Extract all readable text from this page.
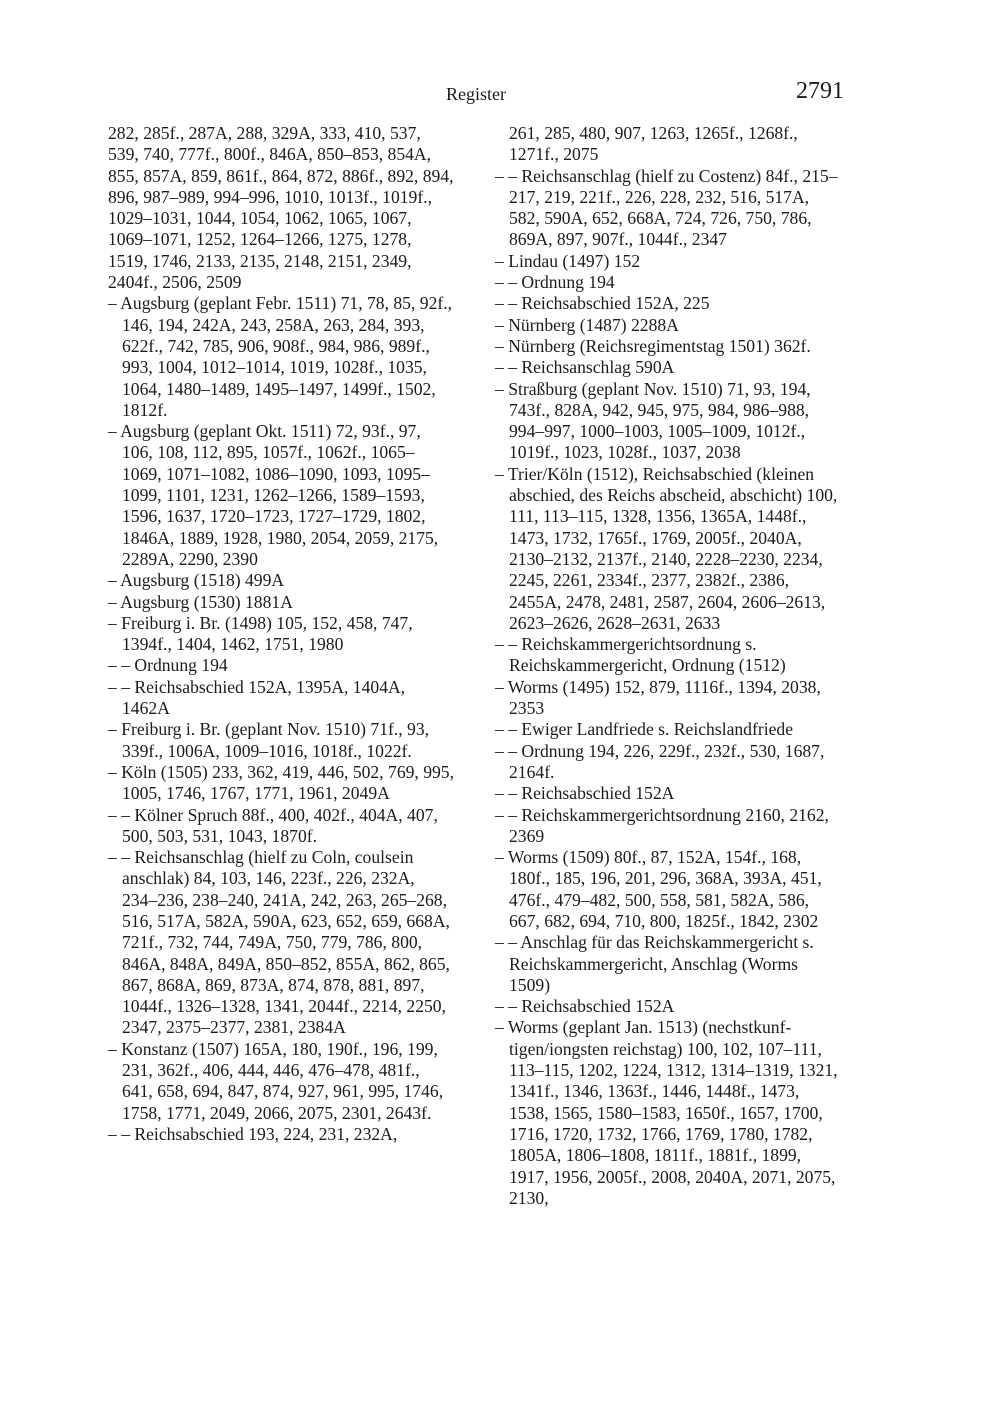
Register	2791

282, 285f., 287A, 288, 329A, 333, 410, 537, 539, 740, 777f., 800f., 846A, 850–853, 854A, 855, 857A, 859, 861f., 864, 872, 886f., 892, 894, 896, 987–989, 994–996, 1010, 1013f., 1019f., 1029–1031, 1044, 1054, 1062, 1065, 1067, 1069–1071, 1252, 1264–1266, 1275, 1278, 1519, 1746, 2133, 2135, 2148, 2151, 2349, 2404f., 2506, 2509

– Augsburg (geplant Febr. 1511) 71, 78, 85, 92f., 146, 194, 242A, 243, 258A, 263, 284, 393, 622f., 742, 785, 906, 908f., 984, 986, 989f., 993, 1004, 1012–1014, 1019, 1028f., 1035, 1064, 1480–1489, 1495–1497, 1499f., 1502, 1812f.

– Augsburg (geplant Okt. 1511) 72, 93f., 97, 106, 108, 112, 895, 1057f., 1062f., 1065–1069, 1071–1082, 1086–1090, 1093, 1095–1099, 1101, 1231, 1262–1266, 1589–1593, 1596, 1637, 1720–1723, 1727–1729, 1802, 1846A, 1889, 1928, 1980, 2054, 2059, 2175, 2289A, 2290, 2390

– Augsburg (1518) 499A

– Augsburg (1530) 1881A

– Freiburg i. Br. (1498) 105, 152, 458, 747, 1394f., 1404, 1462, 1751, 1980

– – Ordnung 194

– – Reichsabschied 152A, 1395A, 1404A, 1462A

– Freiburg i. Br. (geplant Nov. 1510) 71f., 93, 339f., 1006A, 1009–1016, 1018f., 1022f.

– Köln (1505) 233, 362, 419, 446, 502, 769, 995, 1005, 1746, 1767, 1771, 1961, 2049A

– – Kölner Spruch 88f., 400, 402f., 404A, 407, 500, 503, 531, 1043, 1870f.

– – Reichsanschlag (hielf zu Coln, coulsein anschlak) 84, 103, 146, 223f., 226, 232A, 234–236, 238–240, 241A, 242, 263, 265–268, 516, 517A, 582A, 590A, 623, 652, 659, 668A, 721f., 732, 744, 749A, 750, 779, 786, 800, 846A, 848A, 849A, 850–852, 855A, 862, 865, 867, 868A, 869, 873A, 874, 878, 881, 897, 1044f., 1326–1328, 1341, 2044f., 2214, 2250, 2347, 2375–2377, 2381, 2384A

– Konstanz (1507) 165A, 180, 190f., 196, 199, 231, 362f., 406, 444, 446, 476–478, 481f., 641, 658, 694, 847, 874, 927, 961, 995, 1746, 1758, 1771, 2049, 2066, 2075, 2301, 2643f.

– – Reichsabschied 193, 224, 231, 232A,

261, 285, 480, 907, 1263, 1265f., 1268f., 1271f., 2075

– – Reichsanschlag (hielf zu Costenz) 84f., 215–217, 219, 221f., 226, 228, 232, 516, 517A, 582, 590A, 652, 668A, 724, 726, 750, 786, 869A, 897, 907f., 1044f., 2347

– Lindau (1497) 152

– – Ordnung 194

– – Reichsabschied 152A, 225

– Nürnberg (1487) 2288A

– Nürnberg (Reichsregimentstag 1501) 362f.

– – Reichsanschlag 590A

– Straßburg (geplant Nov. 1510) 71, 93, 194, 743f., 828A, 942, 945, 975, 984, 986–988, 994–997, 1000–1003, 1005–1009, 1012f., 1019f., 1023, 1028f., 1037, 2038

– Trier/Köln (1512), Reichsabschied (kleinen abschied, des Reichs abscheid, abschicht) 100, 111, 113–115, 1328, 1356, 1365A, 1448f., 1473, 1732, 1765f., 1769, 2005f., 2040A, 2130–2132, 2137f., 2140, 2228–2230, 2234, 2245, 2261, 2334f., 2377, 2382f., 2386, 2455A, 2478, 2481, 2587, 2604, 2606–2613, 2623–2626, 2628–2631, 2633

– – Reichskammergerichtsordnung s. Reichskammergericht, Ordnung (1512)

– Worms (1495) 152, 879, 1116f., 1394, 2038, 2353

– – Ewiger Landfriede s. Reichslandfriede

– – Ordnung 194, 226, 229f., 232f., 530, 1687, 2164f.

– – Reichsabschied 152A

– – Reichskammergerichtsordnung 2160, 2162, 2369

– Worms (1509) 80f., 87, 152A, 154f., 168, 180f., 185, 196, 201, 296, 368A, 393A, 451, 476f., 479–482, 500, 558, 581, 582A, 586, 667, 682, 694, 710, 800, 1825f., 1842, 2302

– – Anschlag für das Reichskammergericht s. Reichskammergericht, Anschlag (Worms 1509)

– – Reichsabschied 152A

– Worms (geplant Jan. 1513) (nechstkunf-tigen/iongsten reichstag) 100, 102, 107–111, 113–115, 1202, 1224, 1312, 1314–1319, 1321, 1341f., 1346, 1363f., 1446, 1448f., 1473, 1538, 1565, 1580–1583, 1650f., 1657, 1700, 1716, 1720, 1732, 1766, 1769, 1780, 1782, 1805A, 1806–1808, 1811f., 1881f., 1899, 1917, 1956, 2005f., 2008, 2040A, 2071, 2075, 2130,
